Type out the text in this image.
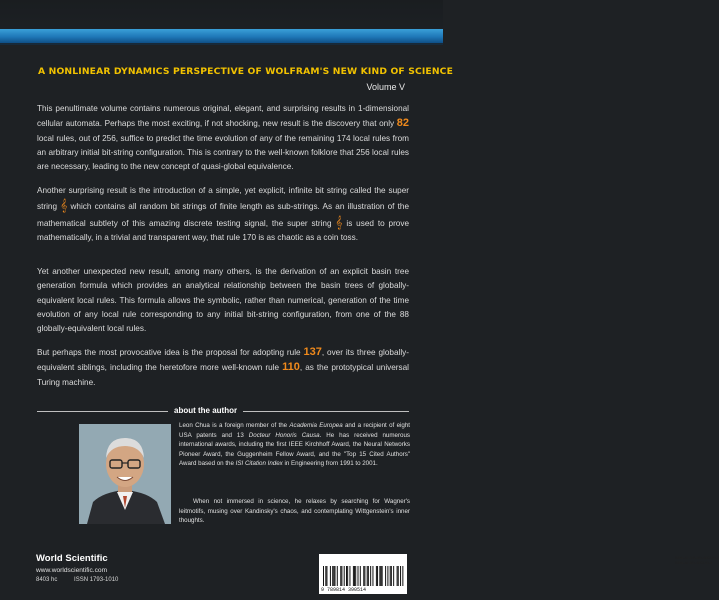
A NONLINEAR DYNAMICS PERSPECTIVE OF WOLFRAM'S NEW KIND OF SCIENCE
Volume V
This penultimate volume contains numerous original, elegant, and surprising results in 1-dimensional cellular automata. Perhaps the most exciting, if not shocking, new result is the discovery that only 82 local rules, out of 256, suffice to predict the time evolution of any of the remaining 174 local rules from an arbitrary initial bit-string configuration. This is contrary to the well-known folklore that 256 local rules are necessary, leading to the new concept of quasi-global equivalence.
Another surprising result is the introduction of a simple, yet explicit, infinite bit string called the super string 𝄞 which contains all random bit strings of finite length as sub-strings. As an illustration of the mathematical subtlety of this amazing discrete testing signal, the super string 𝄞 is used to prove mathematically, in a trivial and transparent way, that rule 170 is as chaotic as a coin toss.
Yet another unexpected new result, among many others, is the derivation of an explicit basin tree generation formula which provides an analytical relationship between the basin trees of globally-equivalent local rules. This formula allows the symbolic, rather than numerical, generation of the time evolution of any local rule corresponding to any initial bit-string configuration, from one of the 88 globally-equivalent local rules.
But perhaps the most provocative idea is the proposal for adopting rule 137, over its three globally-equivalent siblings, including the heretofore more well-known rule 110, as the prototypical universal Turing machine.
about the author
Leon Chua is a foreign member of the Academia Europea and a recipient of eight USA patents and 13 Docteur Honoris Causa. He has received numerous international awards, including the first IEEE Kirchhoff Award, the Neural Networks Pioneer Award, the Guggenheim Fellow Award, and the "Top 15 Cited Authors" Award based on the ISI Citation Index in Engineering from 1991 to 2001.
When not immersed in science, he relaxes by searching for Wagner's leitmotifs, musing over Kandinsky's chaos, and contemplating Wittgenstein's inner thoughts.
World Scientific
www.worldscientific.com
8403 hc	ISSN 1793-1010
ISBN-13 978-981-4390-51-4
ISBN-10 981-4390-51-6
9 789814 390514
